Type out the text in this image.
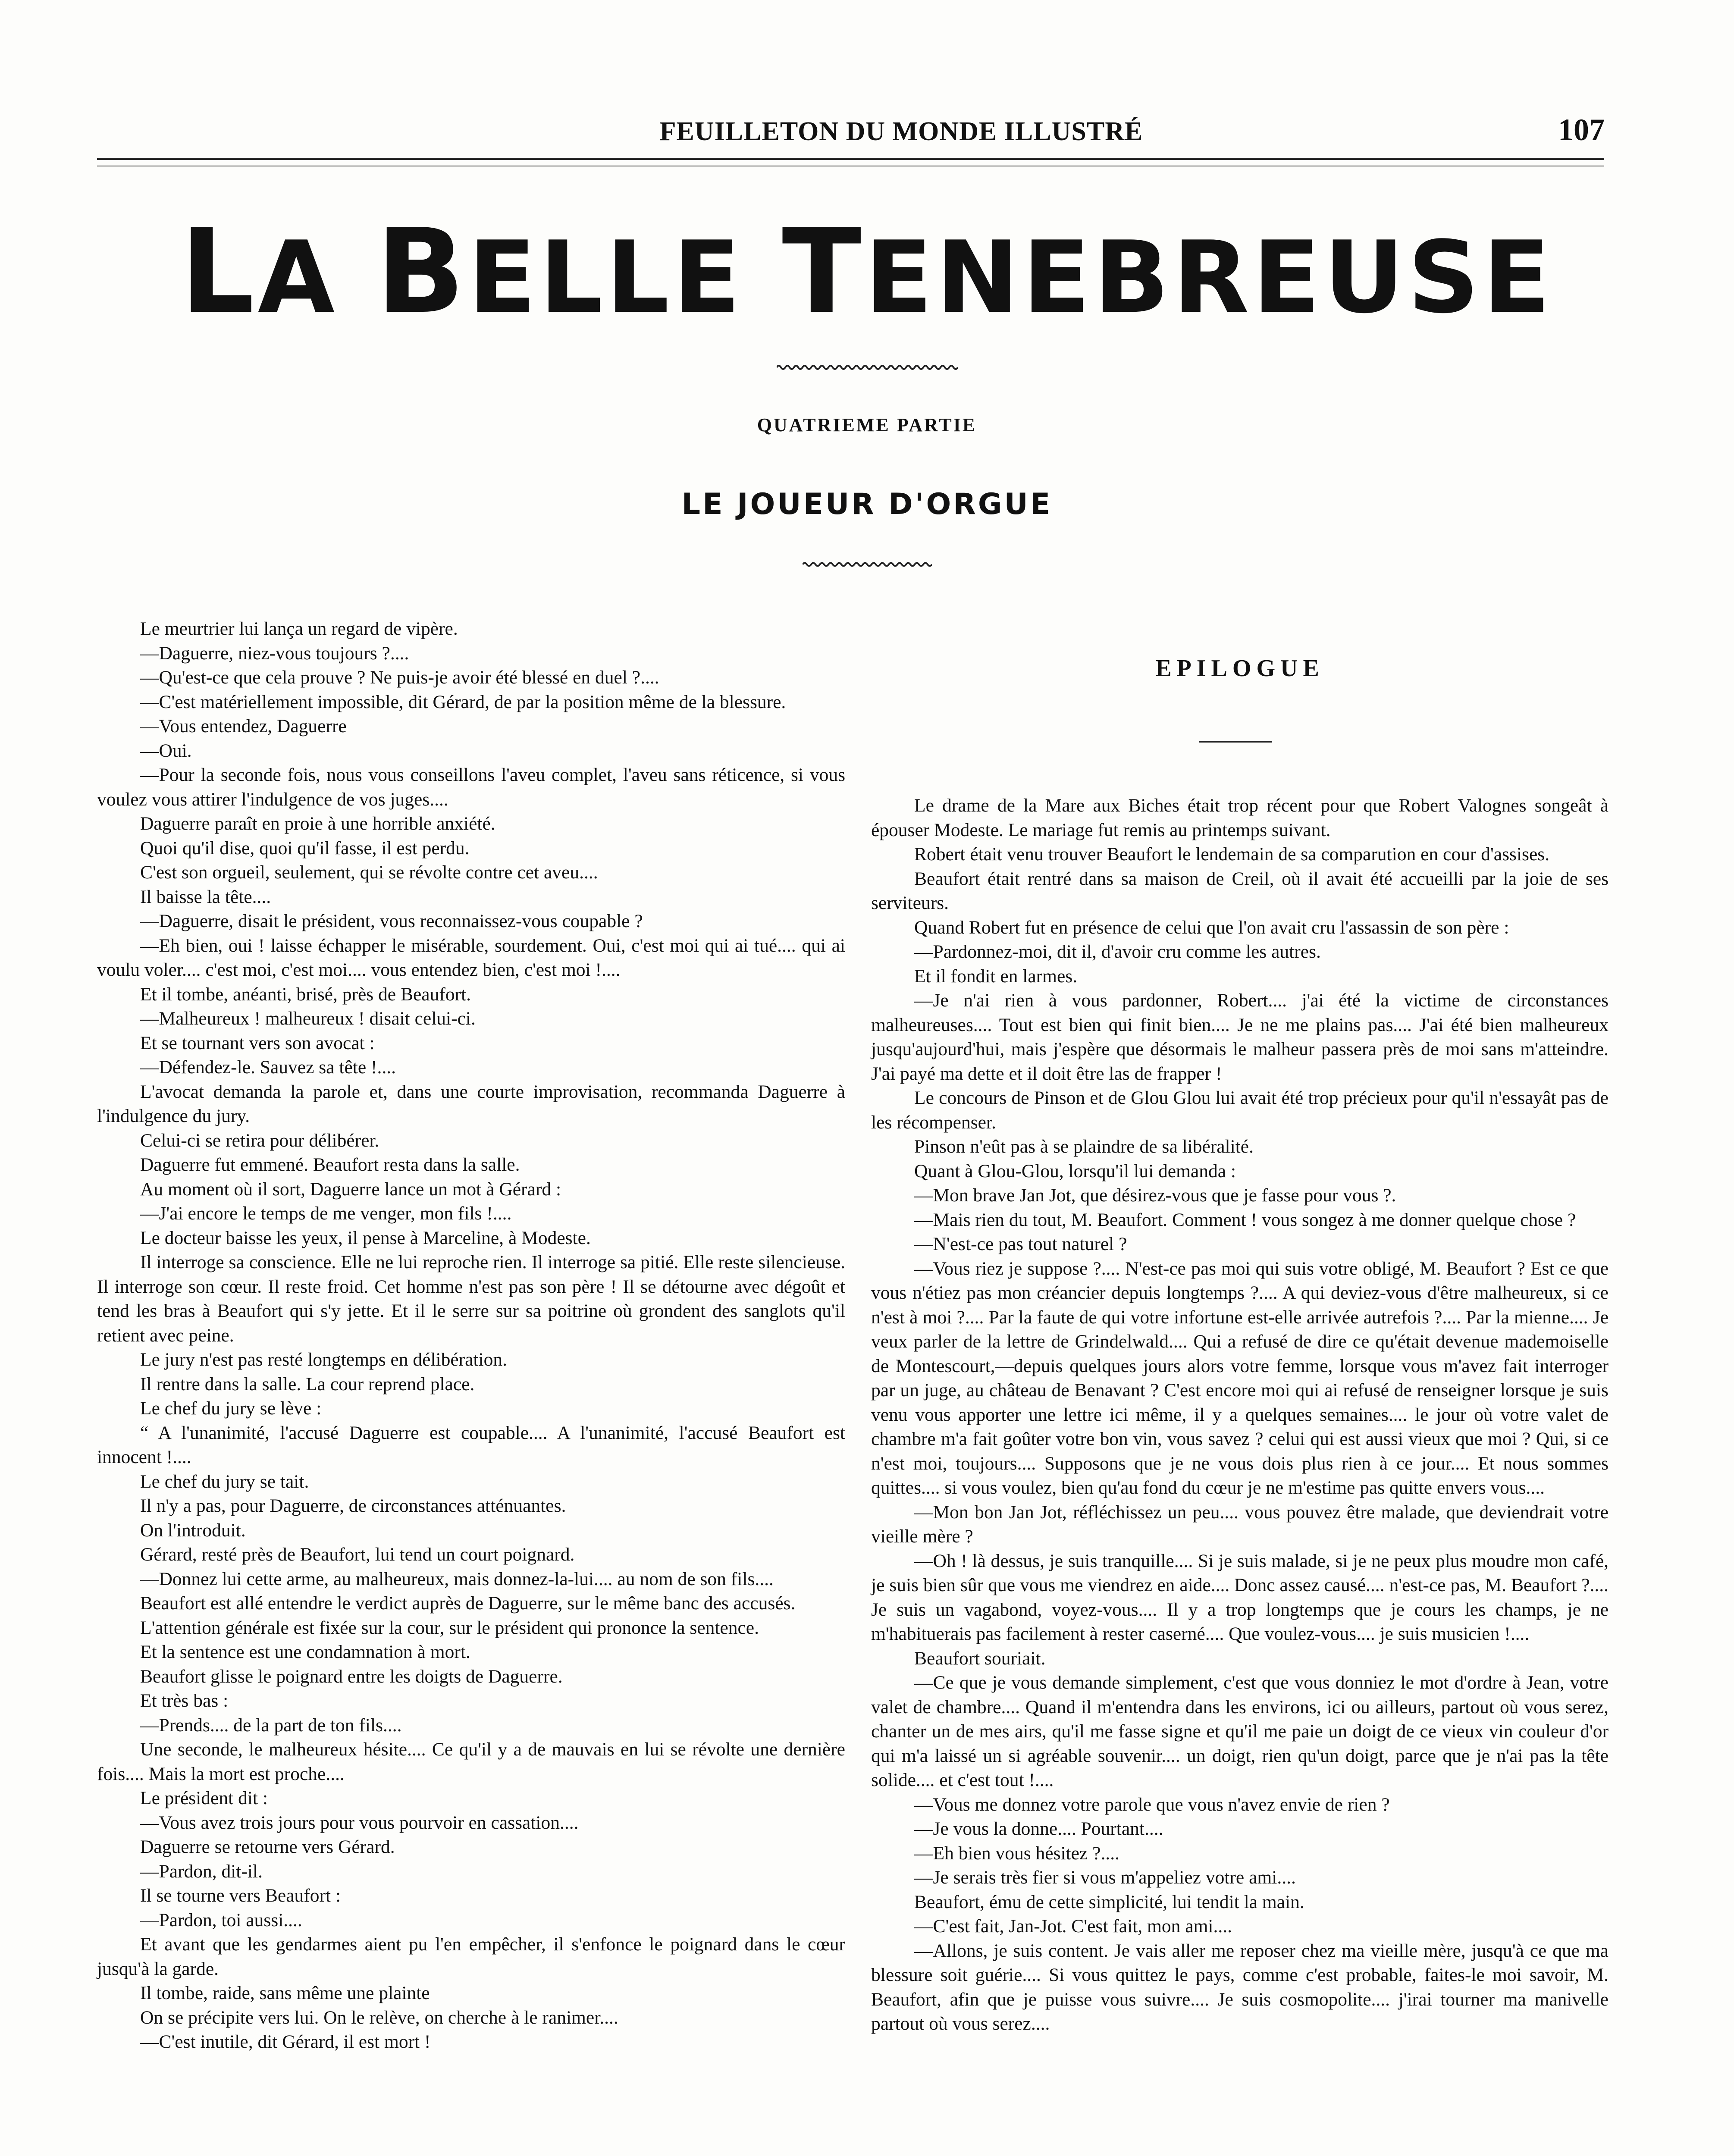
FEUILLETON DU MONDE ILLUSTRÉ	107
LA BELLE TENEBREUSE
QUATRIEME PARTIE
LE JOUEUR D'ORGUE

Le meurtrier lui lança un regard de vipère.

—Daguerre, niez-vous toujours ?....

—Qu'est-ce que cela prouve ? Ne puis-je avoir été blessé en duel ?....

—C'est matériellement impossible, dit Gérard, de par la position même de la blessure.

—Vous entendez, Daguerre

—Oui.

—Pour la seconde fois, nous vous conseillons l'aveu complet, l'aveu sans réticence, si vous voulez vous attirer l'indulgence de vos juges....

Daguerre paraît en proie à une horrible anxiété.

Quoi qu'il dise, quoi qu'il fasse, il est perdu.

C'est son orgueil, seulement, qui se révolte contre cet aveu....

Il baisse la tête....

—Daguerre, disait le président, vous reconnaissez-vous coupable ?

—Eh bien, oui ! laisse échapper le misérable, sourdement. Oui, c'est moi qui ai tué.... qui ai voulu voler.... c'est moi, c'est moi.... vous entendez bien, c'est moi !....

Et il tombe, anéanti, brisé, près de Beaufort.

—Malheureux ! malheureux ! disait celui-ci.

Et se tournant vers son avocat :

—Défendez-le. Sauvez sa tête !....

L'avocat demanda la parole et, dans une courte improvisation, recommanda Daguerre à l'indulgence du jury.

Celui-ci se retira pour délibérer.

Daguerre fut emmené. Beaufort resta dans la salle.

Au moment où il sort, Daguerre lance un mot à Gérard :

—J'ai encore le temps de me venger, mon fils !....

Le docteur baisse les yeux, il pense à Marceline, à Modeste.

Il interroge sa conscience. Elle ne lui reproche rien. Il interroge sa pitié. Elle reste silencieuse. Il interroge son cœur. Il reste froid. Cet homme n'est pas son père ! Il se détourne avec dégoût et tend les bras à Beaufort qui s'y jette. Et il le serre sur sa poitrine où grondent des sanglots qu'il retient avec peine.

Le jury n'est pas resté longtemps en délibération.

Il rentre dans la salle. La cour reprend place.

Le chef du jury se lève :

“ A l'unanimité, l'accusé Daguerre est coupable.... A l'unanimité, l'accusé Beaufort est innocent !....

Le chef du jury se tait.

Il n'y a pas, pour Daguerre, de circonstances atténuantes.

On l'introduit.

Gérard, resté près de Beaufort, lui tend un court poignard.

—Donnez lui cette arme, au malheureux, mais donnez-la-lui.... au nom de son fils....

Beaufort est allé entendre le verdict auprès de Daguerre, sur le même banc des accusés.

L'attention générale est fixée sur la cour, sur le président qui prononce la sentence.

Et la sentence est une condamnation à mort.

Beaufort glisse le poignard entre les doigts de Daguerre.

Et très bas :

—Prends.... de la part de ton fils....

Une seconde, le malheureux hésite.... Ce qu'il y a de mauvais en lui se révolte une dernière fois.... Mais la mort est proche....

Le président dit :

—Vous avez trois jours pour vous pourvoir en cassation....

Daguerre se retourne vers Gérard.

—Pardon, dit-il.

Il se tourne vers Beaufort :

—Pardon, toi aussi....

Et avant que les gendarmes aient pu l'en empêcher, il s'enfonce le poignard dans le cœur jusqu'à la garde.

Il tombe, raide, sans même une plainte

On se précipite vers lui. On le relève, on cherche à le ranimer....

—C'est inutile, dit Gérard, il est mort !

EPILOGUE

Le drame de la Mare aux Biches était trop récent pour que Robert Valognes songeât à épouser Modeste. Le mariage fut remis au printemps suivant.

Robert était venu trouver Beaufort le lendemain de sa comparution en cour d'assises.

Beaufort était rentré dans sa maison de Creil, où il avait été accueilli par la joie de ses serviteurs.

Quand Robert fut en présence de celui que l'on avait cru l'assassin de son père :

—Pardonnez-moi, dit il, d'avoir cru comme les autres.

Et il fondit en larmes.

—Je n'ai rien à vous pardonner, Robert.... j'ai été la victime de circonstances malheureuses.... Tout est bien qui finit bien.... Je ne me plains pas.... J'ai été bien malheureux jusqu'aujourd'hui, mais j'espère que désormais le malheur passera près de moi sans m'atteindre. J'ai payé ma dette et il doit être las de frapper !

Le concours de Pinson et de Glou Glou lui avait été trop précieux pour qu'il n'essayât pas de les récompenser.

Pinson n'eût pas à se plaindre de sa libéralité.

Quant à Glou-Glou, lorsqu'il lui demanda :

—Mon brave Jan Jot, que désirez-vous que je fasse pour vous ?.

—Mais rien du tout, M. Beaufort. Comment ! vous songez à me donner quelque chose ?

—N'est-ce pas tout naturel ?

—Vous riez je suppose ?.... N'est-ce pas moi qui suis votre obligé, M. Beaufort ? Est ce que vous n'étiez pas mon créancier depuis longtemps ?.... A qui deviez-vous d'être malheureux, si ce n'est à moi ?.... Par la faute de qui votre infortune est-elle arrivée autrefois ?.... Par la mienne.... Je veux parler de la lettre de Grindelwald.... Qui a refusé de dire ce qu'était devenue mademoiselle de Montescourt,—depuis quelques jours alors votre femme, lorsque vous m'avez fait interroger par un juge, au château de Benavant ? C'est encore moi qui ai refusé de renseigner lorsque je suis venu vous apporter une lettre ici même, il y a quelques semaines.... le jour où votre valet de chambre m'a fait goûter votre bon vin, vous savez ? celui qui est aussi vieux que moi ? Qui, si ce n'est moi, toujours.... Supposons que je ne vous dois plus rien à ce jour.... Et nous sommes quittes.... si vous voulez, bien qu'au fond du cœur je ne m'estime pas quitte envers vous....

—Mon bon Jan Jot, réfléchissez un peu.... vous pouvez être malade, que deviendrait votre vieille mère ?

—Oh ! là dessus, je suis tranquille.... Si je suis malade, si je ne peux plus moudre mon café, je suis bien sûr que vous me viendrez en aide.... Donc assez causé.... n'est-ce pas, M. Beaufort ?.... Je suis un vagabond, voyez-vous.... Il y a trop longtemps que je cours les champs, je ne m'habituerais pas facilement à rester caserné.... Que voulez-vous.... je suis musicien !....

Beaufort souriait.

—Ce que je vous demande simplement, c'est que vous donniez le mot d'ordre à Jean, votre valet de chambre.... Quand il m'entendra dans les environs, ici ou ailleurs, partout où vous serez, chanter un de mes airs, qu'il me fasse signe et qu'il me paie un doigt de ce vieux vin couleur d'or qui m'a laissé un si agréable souvenir.... un doigt, rien qu'un doigt, parce que je n'ai pas la tête solide.... et c'est tout !....

—Vous me donnez votre parole que vous n'avez envie de rien ?

—Je vous la donne.... Pourtant....

—Eh bien vous hésitez ?....

—Je serais très fier si vous m'appeliez votre ami....

Beaufort, ému de cette simplicité, lui tendit la main.

—C'est fait, Jan-Jot. C'est fait, mon ami....

—Allons, je suis content. Je vais aller me reposer chez ma vieille mère, jusqu'à ce que ma blessure soit guérie.... Si vous quittez le pays, comme c'est probable, faites-le moi savoir, M. Beaufort, afin que je puisse vous suivre.... Je suis cosmopolite.... j'irai tourner ma manivelle partout où vous serez....
